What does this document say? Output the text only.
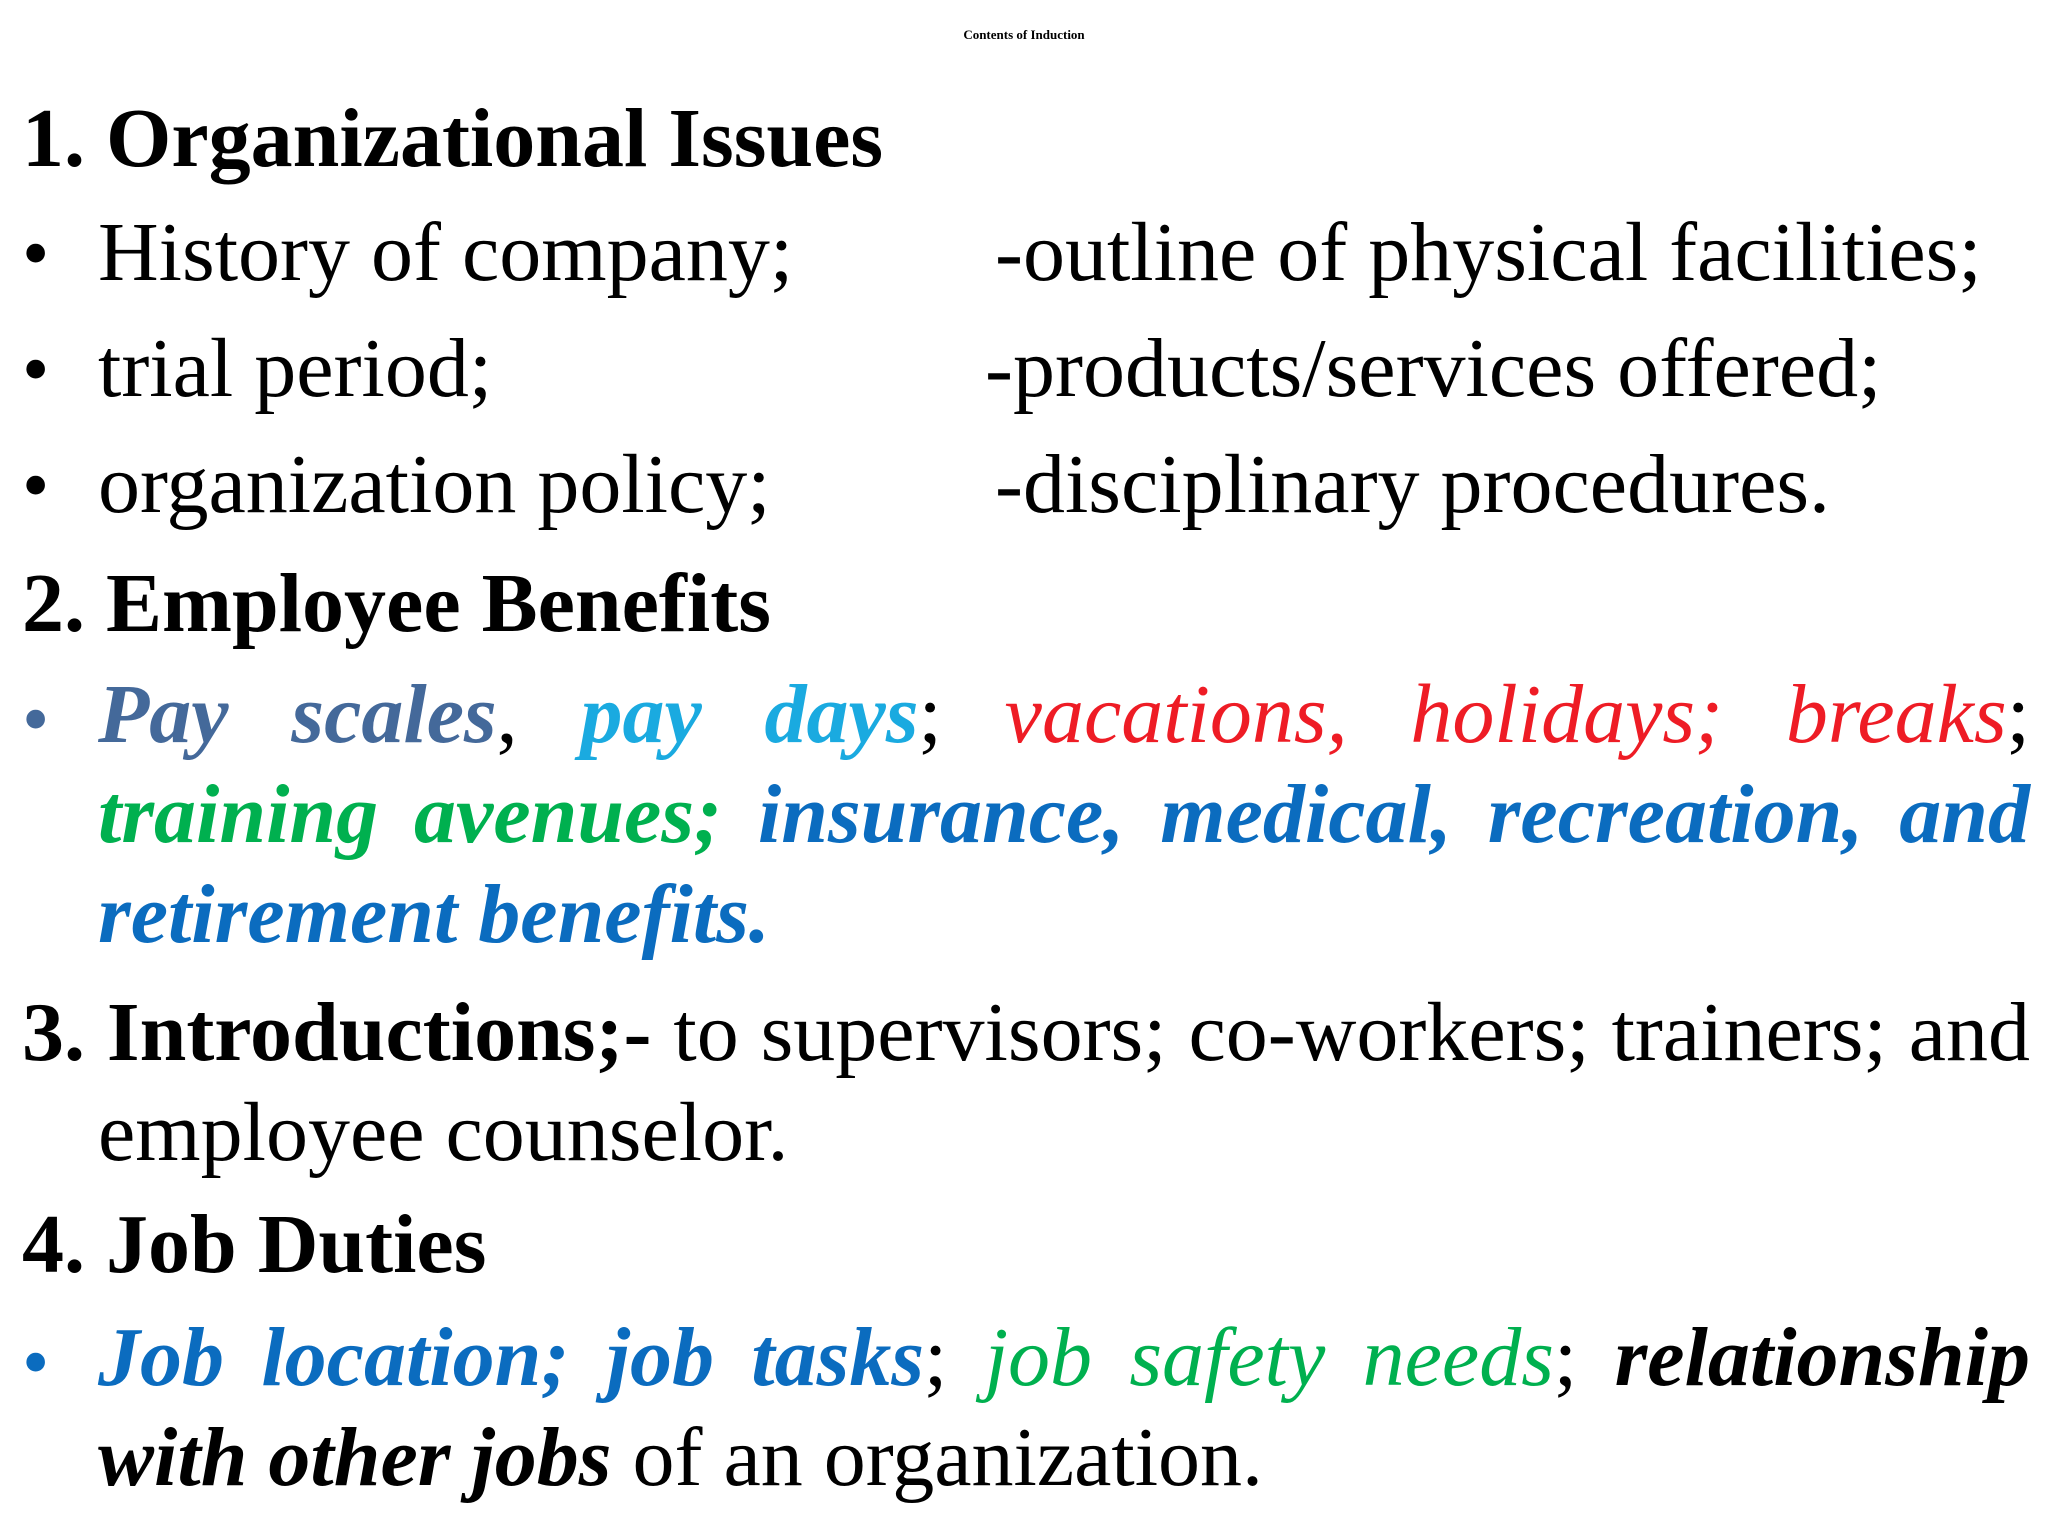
Contents of Induction
1. Organizational Issues
• History of company; -outline of physical facilities;
• trial period;	-products/services offered;
• organization policy;	-disciplinary procedures.
2. Employee Benefits
• Pay scales, pay days; vacations, holidays; breaks; training avenues; insurance, medical, recreation, and retirement benefits.
3. Introductions;- to supervisors; co-workers; trainers; and employee counselor.
4. Job Duties
• Job location; job tasks; job safety needs; relationship with other jobs of an organization.
